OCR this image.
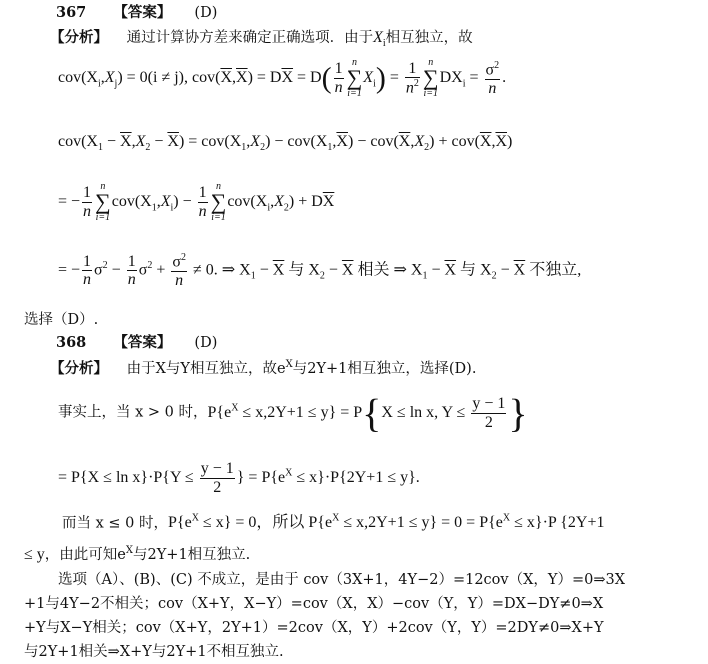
367 【答案】 (D)
【分析】 通过计算协方差来确定正确选项．由于$X_i$相互独立，故
$cov(X_i,X_j) = 0(i \ne j)$, $cov(\overline{X},\overline{X}) = D\overline{X} = D( \frac{1}{n}$ n
∑
i=1
$X_i) = \frac{1}{n^2}$ n
∑
i=1
$DX_i = \frac{\sigma^2}{n}$ .
$cov(X_1 - \overline{X},X_2 - \overline{X}) = cov(X_1,X_2) - cov(X_1,\overline{X}) - cov(\overline{X},X_2) + cov(\overline{X},\overline{X})$
= − $\frac{1}{n}$ n
∑
i=1
$cov(X_1,X_i) - \frac{1}{n}$ n
∑
i=1
$cov(X_i,X_2) + D\overline{X}$
= − $\frac{1}{n} \sigma^2 - \frac{1}{n} \sigma^2 + \frac{\sigma^2}{n} \ne 0$. ⇒ $X_1 - \overline{X}$ 与 $X_2 - \overline{X}$ 相关 ⇒ $X_1 - \overline{X}$ 与 $X_2 - \overline{X}$ 不独立,
选择（D）.
368 【答案】 (D)
【分析】 由于X与Y相互独立，故$e^X$与2Y+1相互独立，选择(D).
事实上，当 x > 0 时，$P\{e^X \le x,2Y+1 \le y\} = P\{X \le \ln x$, $Y \le \frac{y - 1}{2}$ }
= $P\{X \le \ln x\}\cdot P\{Y \le \frac{y - 1}{2}$ } = $P\{e^X \le x\}\cdot P\{2Y+1 \le y\}$.
而当 x ≤ 0 时，$P\{e^X \le x\} = 0$，所以 $P\{e^X \le x,2Y+1 \le y\} = 0 = P\{e^X \le x\}\cdot P$ {2Y+1
≤ y，由此可知$e^X$与2Y+1相互独立.
选项（A）、(B)、(C) 不成立，是由于 cov（3X+1，4Y−2）=12cov（X，Y）=0⇒3X
+1与4Y−2不相关；cov（X+Y，X−Y）=cov（X，X）−cov（Y，Y）=DX−DY≠0⇒X
+Y与X−Y相关；cov（X+Y，2Y+1）=2cov（X，Y）+2cov（Y，Y）=2DY≠0⇒X+Y
与2Y+1相关⇒X+Y与2Y+1不相互独立.
